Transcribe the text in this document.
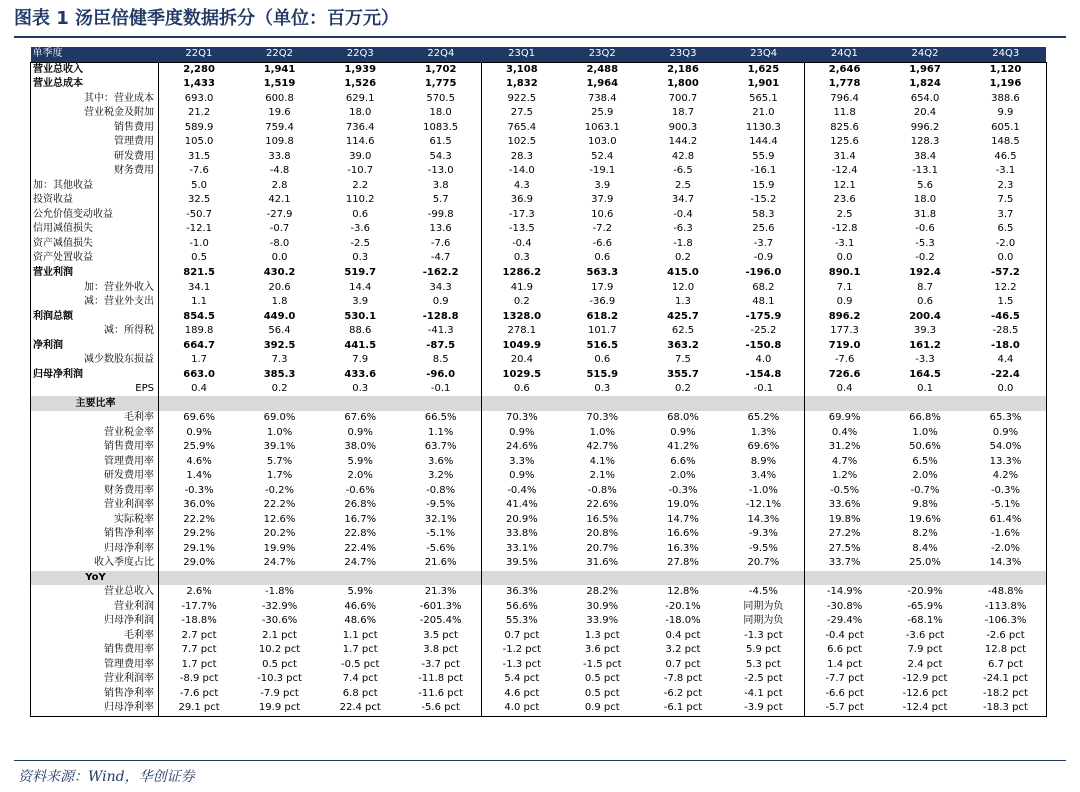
图表 1 汤臣倍健季度数据拆分（单位：百万元）
单季度	22Q1	22Q2	22Q3	22Q4	23Q1	23Q2	23Q3	23Q4	24Q1	24Q2	24Q3
营业总收入	2,280	1,941	1,939	1,702	3,108	2,488	2,186	1,625	2,646	1,967	1,120
营业总成本	1,433	1,519	1,526	1,775	1,832	1,964	1,800	1,901	1,778	1,824	1,196
其中：营业成本	693.0	600.8	629.1	570.5	922.5	738.4	700.7	565.1	796.4	654.0	388.6
营业税金及附加	21.2	19.6	18.0	18.0	27.5	25.9	18.7	21.0	11.8	20.4	9.9
销售费用	589.9	759.4	736.4	1083.5	765.4	1063.1	900.3	1130.3	825.6	996.2	605.1
管理费用	105.0	109.8	114.6	61.5	102.5	103.0	144.2	144.4	125.6	128.3	148.5
研发费用	31.5	33.8	39.0	54.3	28.3	52.4	42.8	55.9	31.4	38.4	46.5
财务费用	-7.6	-4.8	-10.7	-13.0	-14.0	-19.1	-6.5	-16.1	-12.4	-13.1	-3.1
加：其他收益	5.0	2.8	2.2	3.8	4.3	3.9	2.5	15.9	12.1	5.6	2.3
投资收益	32.5	42.1	110.2	5.7	36.9	37.9	34.7	-15.2	23.6	18.0	7.5
公允价值变动收益	-50.7	-27.9	0.6	-99.8	-17.3	10.6	-0.4	58.3	2.5	31.8	3.7
信用减值损失	-12.1	-0.7	-3.6	13.6	-13.5	-7.2	-6.3	25.6	-12.8	-0.6	6.5
资产减值损失	-1.0	-8.0	-2.5	-7.6	-0.4	-6.6	-1.8	-3.7	-3.1	-5.3	-2.0
资产处置收益	0.5	0.0	0.3	-4.7	0.3	0.6	0.2	-0.9	0.0	-0.2	0.0
营业利润	821.5	430.2	519.7	-162.2	1286.2	563.3	415.0	-196.0	890.1	192.4	-57.2
加：营业外收入	34.1	20.6	14.4	34.3	41.9	17.9	12.0	68.2	7.1	8.7	12.2
减：营业外支出	1.1	1.8	3.9	0.9	0.2	-36.9	1.3	48.1	0.9	0.6	1.5
利润总额	854.5	449.0	530.1	-128.8	1328.0	618.2	425.7	-175.9	896.2	200.4	-46.5
减：所得税	189.8	56.4	88.6	-41.3	278.1	101.7	62.5	-25.2	177.3	39.3	-28.5
净利润	664.7	392.5	441.5	-87.5	1049.9	516.5	363.2	-150.8	719.0	161.2	-18.0
减少数股东损益	1.7	7.3	7.9	8.5	20.4	0.6	7.5	4.0	-7.6	-3.3	4.4
归母净利润	663.0	385.3	433.6	-96.0	1029.5	515.9	355.7	-154.8	726.6	164.5	-22.4
EPS	0.4	0.2	0.3	-0.1	0.6	0.3	0.2	-0.1	0.4	0.1	0.0
主要比率											
毛利率	69.6%	69.0%	67.6%	66.5%	70.3%	70.3%	68.0%	65.2%	69.9%	66.8%	65.3%
营业税金率	0.9%	1.0%	0.9%	1.1%	0.9%	1.0%	0.9%	1.3%	0.4%	1.0%	0.9%
销售费用率	25.9%	39.1%	38.0%	63.7%	24.6%	42.7%	41.2%	69.6%	31.2%	50.6%	54.0%
管理费用率	4.6%	5.7%	5.9%	3.6%	3.3%	4.1%	6.6%	8.9%	4.7%	6.5%	13.3%
研发费用率	1.4%	1.7%	2.0%	3.2%	0.9%	2.1%	2.0%	3.4%	1.2%	2.0%	4.2%
财务费用率	-0.3%	-0.2%	-0.6%	-0.8%	-0.4%	-0.8%	-0.3%	-1.0%	-0.5%	-0.7%	-0.3%
营业利润率	36.0%	22.2%	26.8%	-9.5%	41.4%	22.6%	19.0%	-12.1%	33.6%	9.8%	-5.1%
实际税率	22.2%	12.6%	16.7%	32.1%	20.9%	16.5%	14.7%	14.3%	19.8%	19.6%	61.4%
销售净利率	29.2%	20.2%	22.8%	-5.1%	33.8%	20.8%	16.6%	-9.3%	27.2%	8.2%	-1.6%
归母净利率	29.1%	19.9%	22.4%	-5.6%	33.1%	20.7%	16.3%	-9.5%	27.5%	8.4%	-2.0%
收入季度占比	29.0%	24.7%	24.7%	21.6%	39.5%	31.6%	27.8%	20.7%	33.7%	25.0%	14.3%
YoY											
营业总收入	2.6%	-1.8%	5.9%	21.3%	36.3%	28.2%	12.8%	-4.5%	-14.9%	-20.9%	-48.8%
营业利润	-17.7%	-32.9%	46.6%	-601.3%	56.6%	30.9%	-20.1%	同期为负	-30.8%	-65.9%	-113.8%
归母净利润	-18.8%	-30.6%	48.6%	-205.4%	55.3%	33.9%	-18.0%	同期为负	-29.4%	-68.1%	-106.3%
毛利率	2.7 pct	2.1 pct	1.1 pct	3.5 pct	0.7 pct	1.3 pct	0.4 pct	-1.3 pct	-0.4 pct	-3.6 pct	-2.6 pct
销售费用率	7.7 pct	10.2 pct	1.7 pct	3.8 pct	-1.2 pct	3.6 pct	3.2 pct	5.9 pct	6.6 pct	7.9 pct	12.8 pct
管理费用率	1.7 pct	0.5 pct	-0.5 pct	-3.7 pct	-1.3 pct	-1.5 pct	0.7 pct	5.3 pct	1.4 pct	2.4 pct	6.7 pct
营业利润率	-8.9 pct	-10.3 pct	7.4 pct	-11.8 pct	5.4 pct	0.5 pct	-7.8 pct	-2.5 pct	-7.7 pct	-12.9 pct	-24.1 pct
销售净利率	-7.6 pct	-7.9 pct	6.8 pct	-11.6 pct	4.6 pct	0.5 pct	-6.2 pct	-4.1 pct	-6.6 pct	-12.6 pct	-18.2 pct
归母净利率	29.1 pct	19.9 pct	22.4 pct	-5.6 pct	4.0 pct	0.9 pct	-6.1 pct	-3.9 pct	-5.7 pct	-12.4 pct	-18.3 pct
资料来源：Wind，华创证券
